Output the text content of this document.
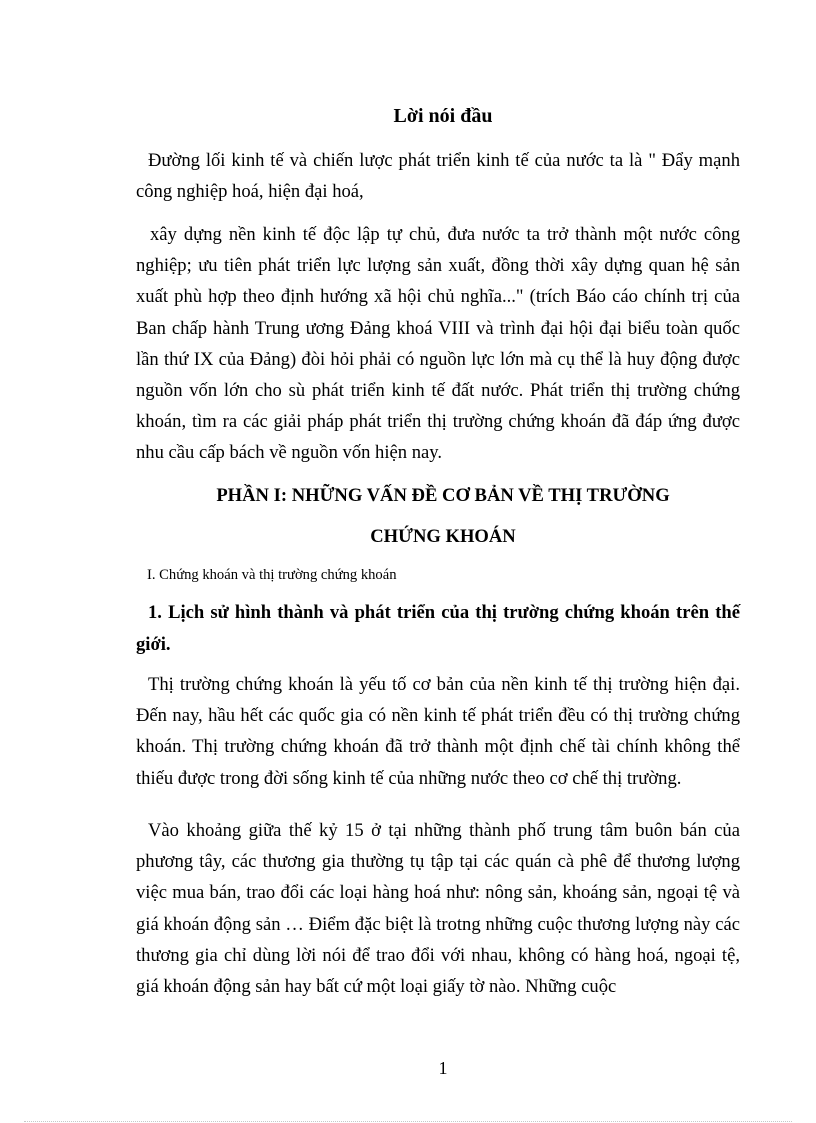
Lời nói đầu

Đường lối kinh tế và chiến lược phát triển kinh tế của nước ta là " Đẩy mạnh công nghiệp hoá, hiện đại hoá,

xây dựng nền kinh tế độc lập tự chủ, đưa nước ta trở thành một nước công nghiệp; ưu tiên phát triển lực lượng sản xuất, đồng thời xây dựng quan hệ sản xuất phù hợp theo định hướng xã hội chủ nghĩa..." (trích Báo cáo chính trị của Ban chấp hành Trung ương Đảng khoá VIII và trình đại hội đại biểu toàn quốc lần thứ IX của Đảng) đòi hỏi phải có nguồn lực lớn mà cụ thể là huy động được nguồn vốn lớn cho sù phát triển kinh tế đất nước. Phát triển thị trường chứng khoán, tìm ra các giải pháp phát triển thị trường chứng khoán đã đáp ứng được nhu cầu cấp bách về nguồn vốn hiện nay.

PHẦN I: NHỮNG VẤN ĐỀ CƠ BẢN VỀ THỊ TRƯỜNG
CHỨNG KHOÁN

I. Chứng khoán và thị trường chứng khoán

1. Lịch sử hình thành và phát triển của thị trường chứng khoán trên thế giới.

Thị trường chứng khoán là yếu tố cơ bản của nền kinh tế thị trường hiện đại. Đến nay, hầu hết các quốc gia có nền kinh tế phát triển đều có thị trường chứng khoán. Thị trường chứng khoán đã trở thành một định chế tài chính không thể thiếu được trong đời sống kinh tế của những nước theo cơ chế thị trường.

Vào khoảng giữa thế kỷ 15 ở tại những thành phố trung tâm buôn bán của phương tây, các thương gia thường tụ tập tại các quán cà phê để thương lượng việc mua bán, trao đổi các loại hàng hoá như: nông sản, khoáng sản, ngoại tệ và giá khoán động sản … Điểm đặc biệt là trotng những cuộc thương lượng này các thương gia chỉ dùng lời nói để trao đổi với nhau, không có hàng hoá, ngoại tệ, giá khoán động sản hay bất cứ một loại giấy tờ nào. Những cuộc

1
